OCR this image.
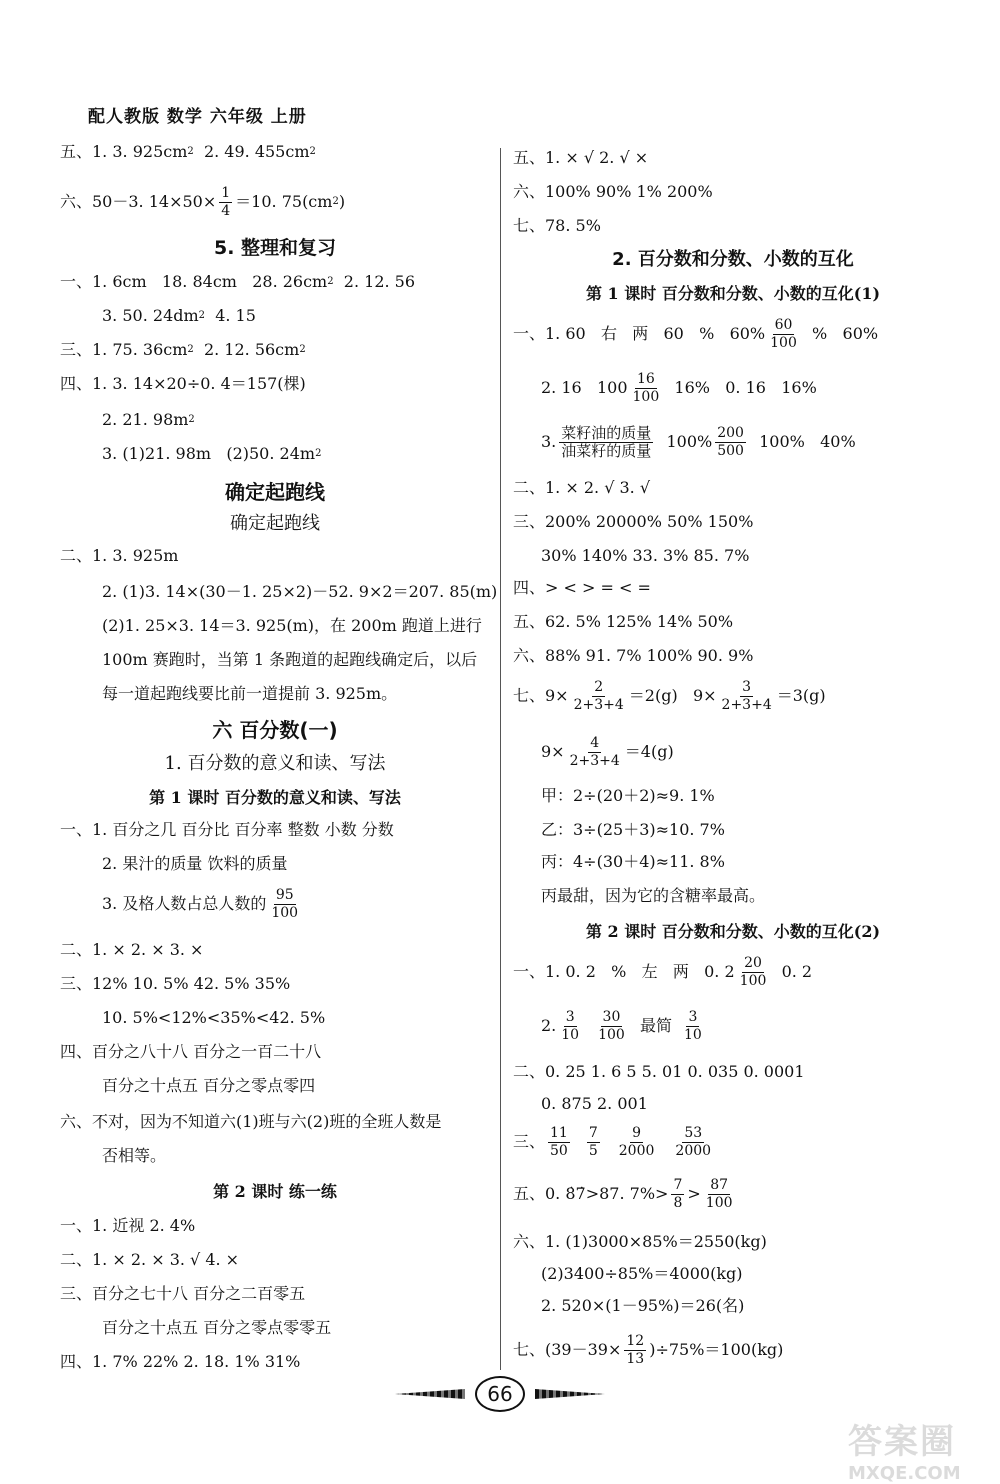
配人教版 数学 六年级 上册
五、1. 3. 925cm 2 2. 49. 455cm 2
六、50－3. $14\times 50\times \frac{1}{4} =10$. 75(cm 2 )
5. 整理和复习
一、1. 6cm   18. 84cm   28. 26cm 2 2. 12. 56
3. 50. 24dm 2 4. 15
三、1. 75. 36cm 2 2. 12. 56cm 2
四、1. 3. 14×20÷0. 4＝157(棵)
2. 21. 98m 2
3. (1)21. 98m   (2)50. 24m 2
确定起跑线
确定起跑线
二、1. 3. 925m
2. (1)3. 14×(30－1. 25×2)－52. 9×2＝207. 85(m)
(2)1. 25×3. 14＝3. 925(m)，在 200m 跑道上进行
100m 赛跑时，当第 1 条跑道的起跑线确定后，以后
每一道起跑线要比前一道提前 3. 925m。
六 百分数(一)
1. 百分数的意义和读、写法
第 1 课时 百分数的意义和读、写法
一、1. 百分之几 百分比 百分率 整数 小数 分数
2. 果汁的质量 饮料的质量
3. 及格人数占总人数的 $\frac{95}{100}$
二、1. × 2. × 3. ×
三、12% 10. 5% 42. 5% 35%
10. 5%<12%<35%<42. 5%
四、百分之八十八 百分之一百二十八
百分之十点五 百分之零点零四
六、不对，因为不知道六(1)班与六(2)班的全班人数是
否相等。
第 2 课时 练一练
一、1. 近视 2. 4%
二、1. × 2. × 3. √ 4. ×
三、百分之七十八 百分之二百零五
百分之十点五 百分之零点零零五
四、1. 7% 22% 2. 18. 1% 31%
五、1. × √ 2. √ ×
六、100% 90% 1% 200%
七、78. 5%
2. 百分数和分数、小数的互化
第 1 课时 百分数和分数、小数的互化(1)
一、1. 60   右   两   60   %   $60\% \frac{60}{100}$ %   60%
2. 16   $100 \frac{16}{100} 16\%$   0. 16   16%
3. $\frac{\text{菜籽油的质量}}{\text{油菜籽的质量}} 100\% \frac{200}{500} 100\%$   40%
二、1. × 2. √ 3. √
三、200% 20000% 50% 150%
30% 140% 33. 3% 85. 7%
四、> < > = < =
五、62. 5% 125% 14% 50%
六、88% 91. 7% 100% 90. 9%
七、$9\times \frac{2}{2+3+4} =2(g)$   $9\times \frac{3}{2+3+4} =3(g)$
$9\times \frac{4}{2+3+4} =4(g)$
甲：2÷(20＋2)≈9. 1%
乙：3÷(25＋3)≈10. 7%
丙：4÷(30＋4)≈11. 8%
丙最甜，因为它的含糖率最高。
第 2 课时 百分数和分数、小数的互化(2)
一、1. 0. 2   %   左   两   0. $2 \frac{20}{100} 0$. 2
2. $\frac{3}{10} \frac{30}{100}$ 最简 $\frac{3}{10}$
二、0. 25 1. 6 5 5. 01 0. 035 0. 0001
0. 875 2. 001
三、 $\frac{11}{50} \frac{7}{5} \frac{9}{2000} \frac{53}{2000}$
五、0. 8̇7̇>87. $7\%> \frac{7}{8} > \frac{87}{100}$
六、1. (1)3000×85%＝2550(kg)
(2)3400÷85%＝4000(kg)
2. 520×(1－95%)＝26(名)
七、$(39-39\times \frac{12}{13} )\div 75\%=100(kg)$
66
答案圈
MXQE.COM
